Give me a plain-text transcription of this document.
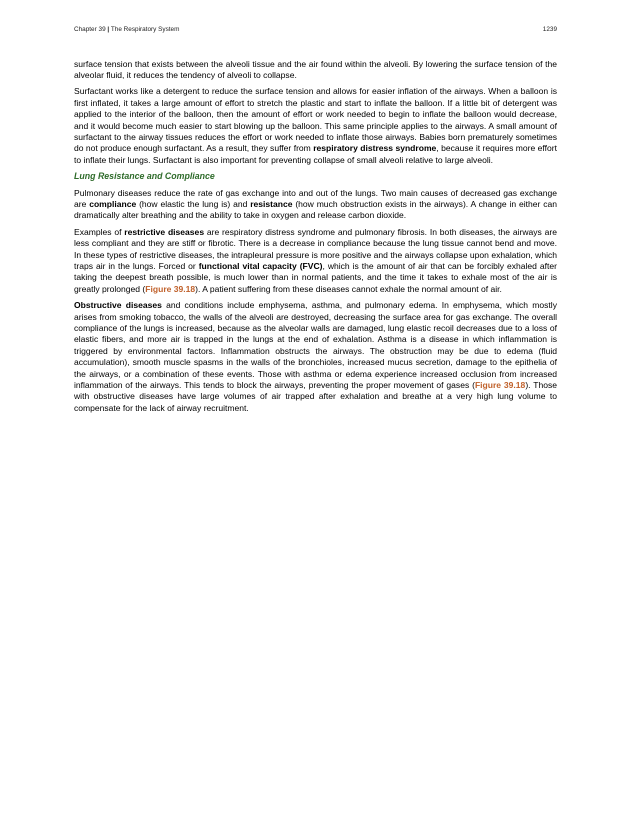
Chapter 39 | The Respiratory System	1239

surface tension that exists between the alveoli tissue and the air found within the alveoli. By lowering the surface tension of the alveolar fluid, it reduces the tendency of alveoli to collapse.

Surfactant works like a detergent to reduce the surface tension and allows for easier inflation of the airways. When a balloon is first inflated, it takes a large amount of effort to stretch the plastic and start to inflate the balloon. If a little bit of detergent was applied to the interior of the balloon, then the amount of effort or work needed to begin to inflate the balloon would decrease, and it would become much easier to start blowing up the balloon. This same principle applies to the airways. A small amount of surfactant to the airway tissues reduces the effort or work needed to inflate those airways. Babies born prematurely sometimes do not produce enough surfactant. As a result, they suffer from respiratory distress syndrome, because it requires more effort to inflate their lungs. Surfactant is also important for preventing collapse of small alveoli relative to large alveoli.

Lung Resistance and Compliance

Pulmonary diseases reduce the rate of gas exchange into and out of the lungs. Two main causes of decreased gas exchange are compliance (how elastic the lung is) and resistance (how much obstruction exists in the airways). A change in either can dramatically alter breathing and the ability to take in oxygen and release carbon dioxide.

Examples of restrictive diseases are respiratory distress syndrome and pulmonary fibrosis. In both diseases, the airways are less compliant and they are stiff or fibrotic. There is a decrease in compliance because the lung tissue cannot bend and move. In these types of restrictive diseases, the intrapleural pressure is more positive and the airways collapse upon exhalation, which traps air in the lungs. Forced or functional vital capacity (FVC), which is the amount of air that can be forcibly exhaled after taking the deepest breath possible, is much lower than in normal patients, and the time it takes to exhale most of the air is greatly prolonged (Figure 39.18). A patient suffering from these diseases cannot exhale the normal amount of air.

Obstructive diseases and conditions include emphysema, asthma, and pulmonary edema. In emphysema, which mostly arises from smoking tobacco, the walls of the alveoli are destroyed, decreasing the surface area for gas exchange. The overall compliance of the lungs is increased, because as the alveolar walls are damaged, lung elastic recoil decreases due to a loss of elastic fibers, and more air is trapped in the lungs at the end of exhalation. Asthma is a disease in which inflammation is triggered by environmental factors. Inflammation obstructs the airways. The obstruction may be due to edema (fluid accumulation), smooth muscle spasms in the walls of the bronchioles, increased mucus secretion, damage to the epithelia of the airways, or a combination of these events. Those with asthma or edema experience increased occlusion from increased inflammation of the airways. This tends to block the airways, preventing the proper movement of gases (Figure 39.18). Those with obstructive diseases have large volumes of air trapped after exhalation and breathe at a very high lung volume to compensate for the lack of airway recruitment.
